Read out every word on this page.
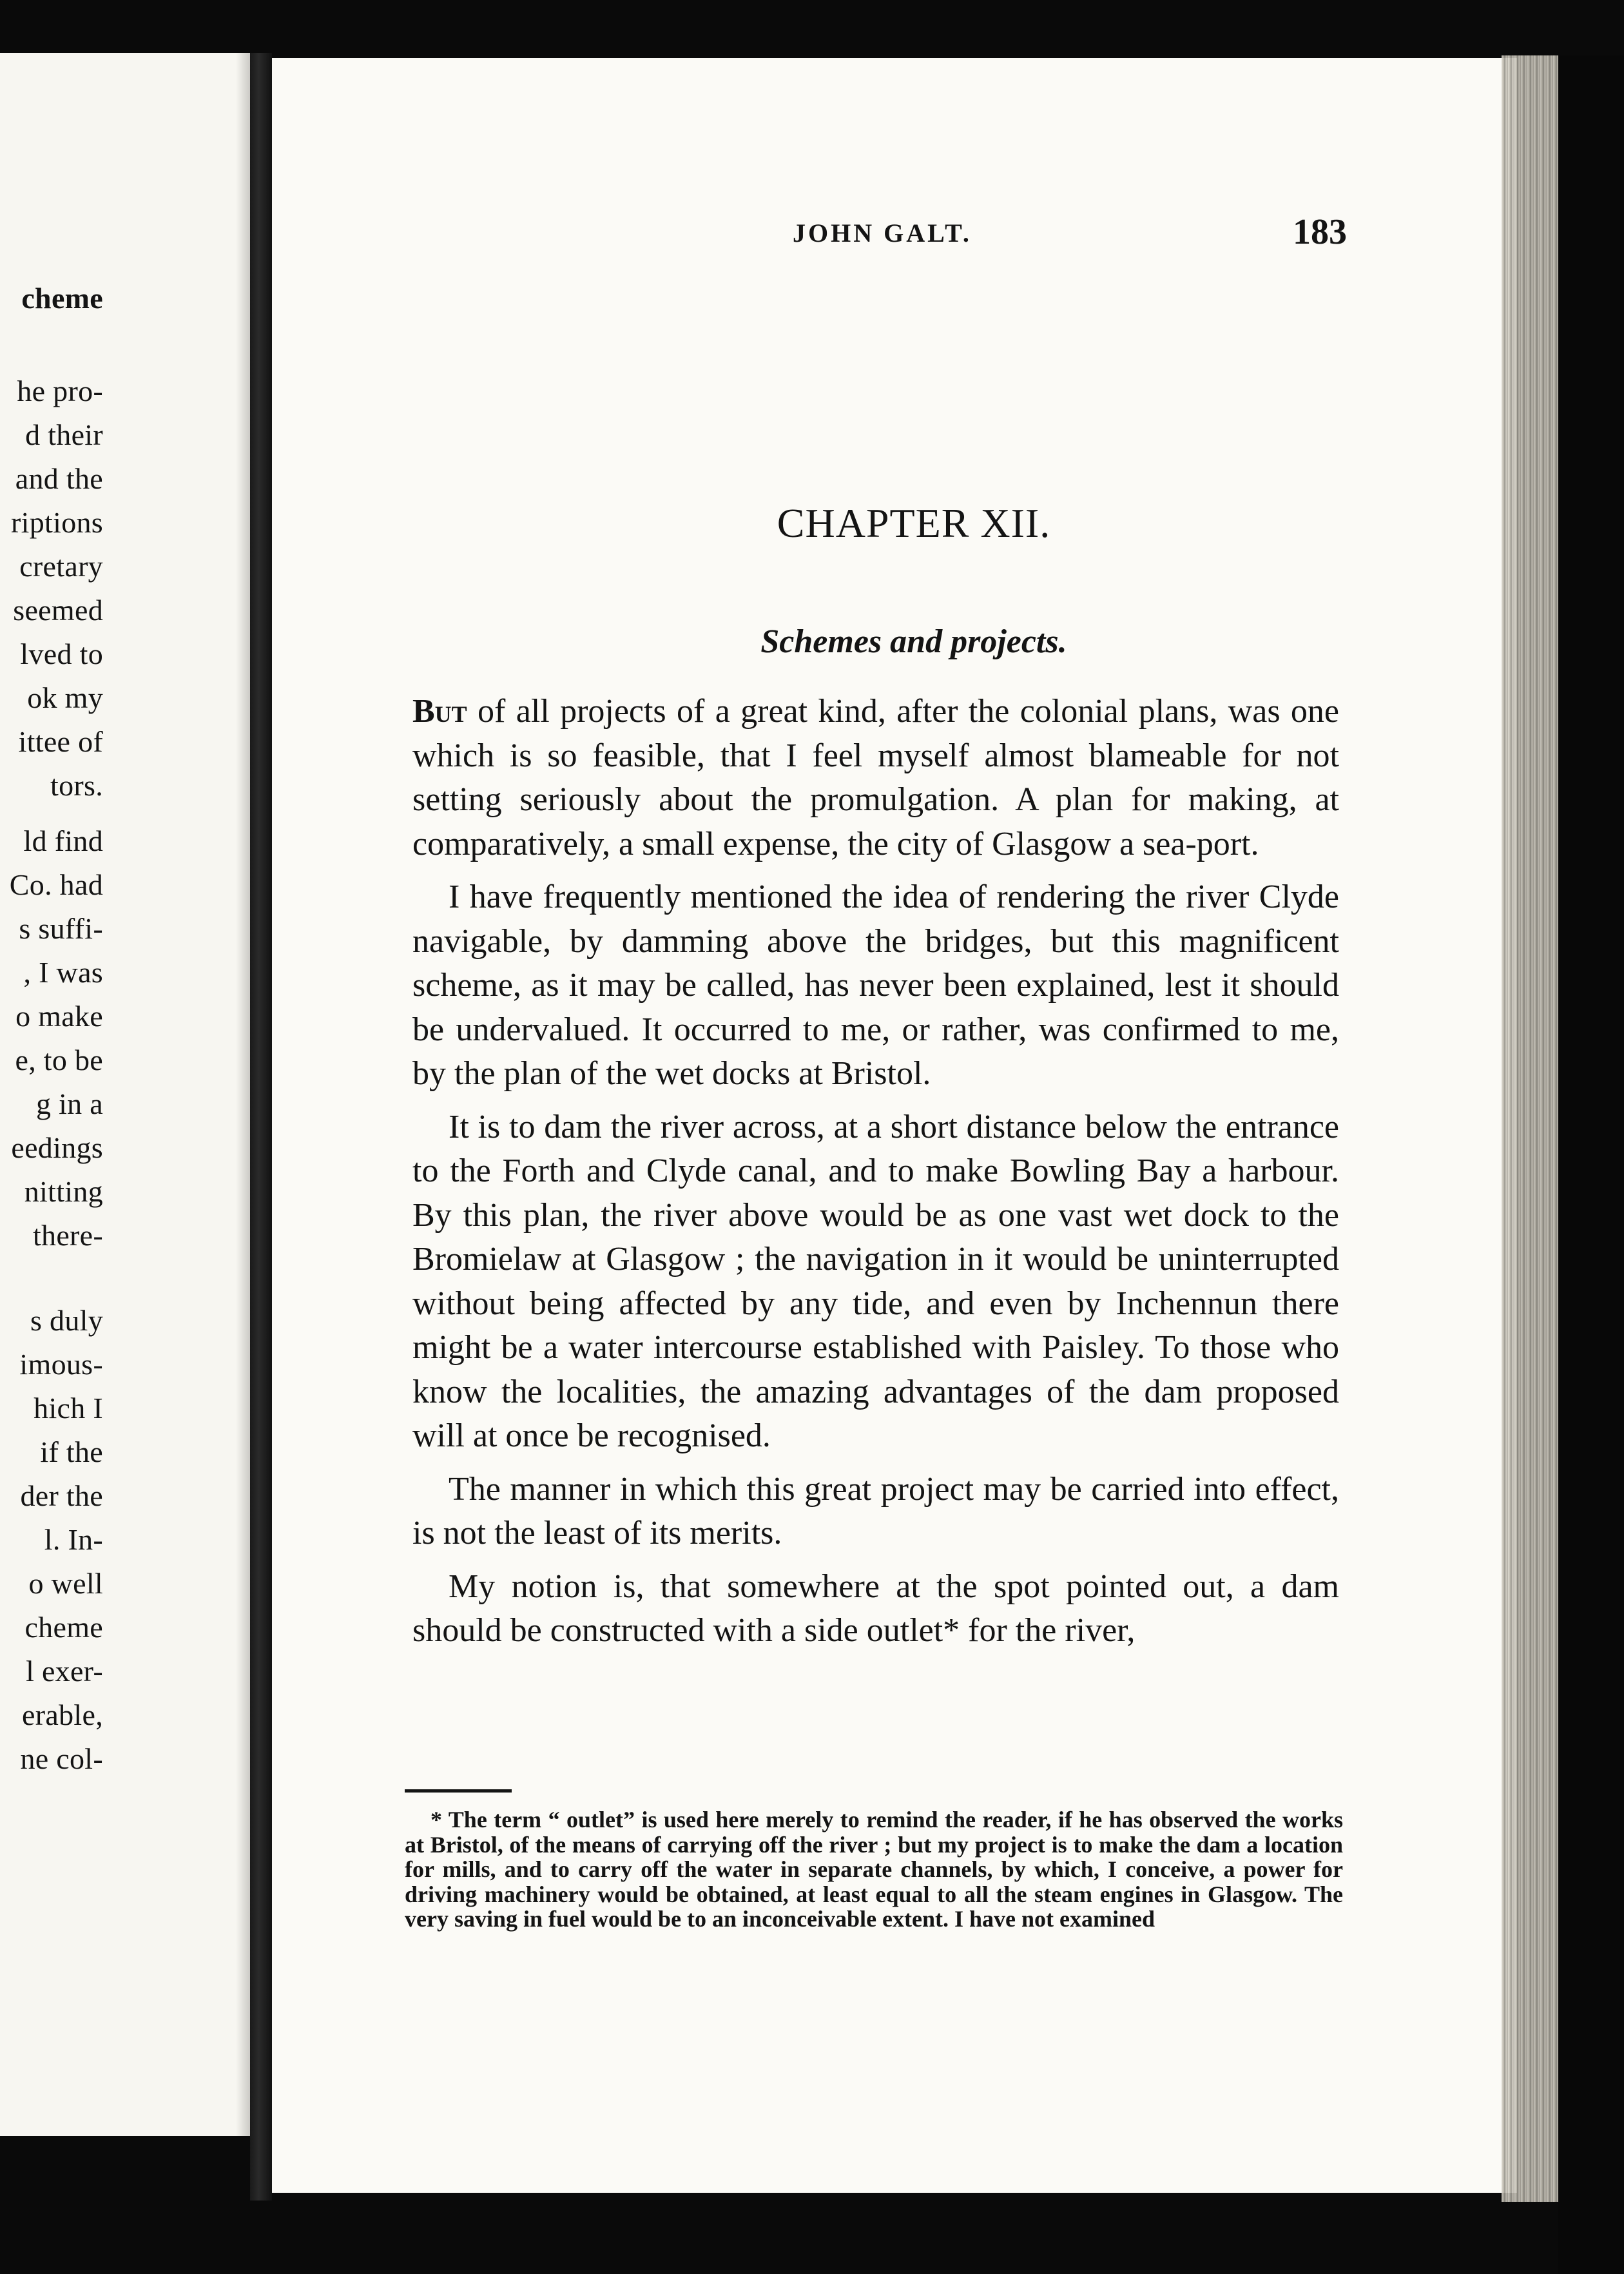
cheme
he pro-
d their
and the
riptions
cretary
seemed
lved to
ok my
ittee of
tors.
ld find
Co. had
s suffi-
, I was
o make
e, to be
g in a
eedings
nitting
there-
s duly
imous-
hich I
if the
der the
l. In-
o well
cheme
l exer-
erable,
ne col-
JOHN GALT.	183
CHAPTER XII.
Schemes and projects.

But of all projects of a great kind, after the colonial plans, was one which is so feasible, that I feel myself almost blameable for not setting seriously about the promulgation. A plan for making, at comparatively, a small expense, the city of Glasgow a sea-port.

I have frequently mentioned the idea of rendering the river Clyde navigable, by damming above the bridges, but this magnificent scheme, as it may be called, has never been explained, lest it should be undervalued. It occurred to me, or rather, was confirmed to me, by the plan of the wet docks at Bristol.

It is to dam the river across, at a short distance below the entrance to the Forth and Clyde canal, and to make Bowling Bay a harbour. By this plan, the river above would be as one vast wet dock to the Bromielaw at Glasgow ; the navigation in it would be uninterrupted without being affected by any tide, and even by Inchennun there might be a water intercourse established with Paisley. To those who know the localities, the amazing advantages of the dam proposed will at once be recognised.

The manner in which this great project may be carried into effect, is not the least of its merits.

My notion is, that somewhere at the spot pointed out, a dam should be constructed with a side outlet* for the river,

* The term “ outlet” is used here merely to remind the reader, if he has observed the works at Bristol, of the means of carrying off the river ; but my project is to make the dam a location for mills, and to carry off the water in separate channels, by which, I conceive, a power for driving machinery would be obtained, at least equal to all the steam engines in Glasgow. The very saving in fuel would be to an inconceivable extent. I have not examined
